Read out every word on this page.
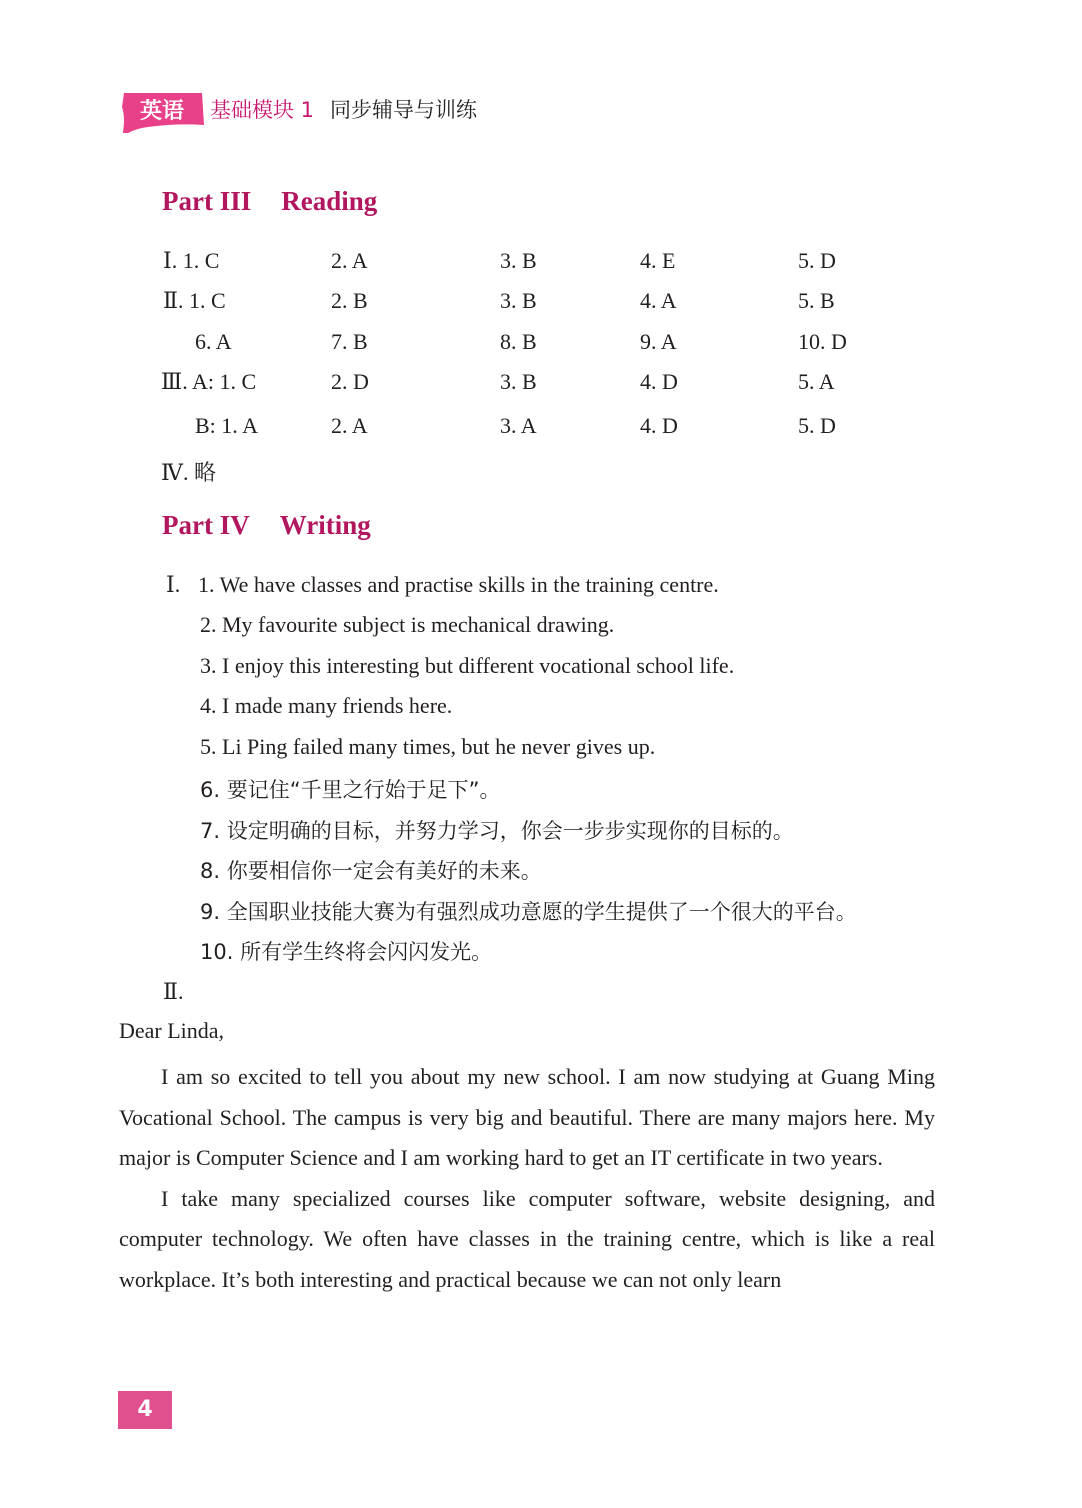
英语 基础模块 1 同步辅导与训练
Part III Reading
Ⅰ. 1. C	2. A	3. B	4. E	5. D
Ⅱ. 1. C	2. B	3. B	4. A	5. B
6. A	7. B	8. B	9. A	10. D
Ⅲ. A: 1. C	2. D	3. B	4. D	5. A
B: 1. A	2. A	3. A	4. D	5. D
Ⅳ. 略
Part IV Writing
Ⅰ. 1. We have classes and practise skills in the training centre.
2. My favourite subject is mechanical drawing.
3. I enjoy this interesting but different vocational school life.
4. I made many friends here.
5. Li Ping failed many times, but he never gives up.
6. 要记住“千里之行始于足下”。
7. 设定明确的目标，并努力学习，你会一步步实现你的目标的。
8. 你要相信你一定会有美好的未来。
9. 全国职业技能大赛为有强烈成功意愿的学生提供了一个很大的平台。
10. 所有学生终将会闪闪发光。
Ⅱ.
Dear Linda,

I am so excited to tell you about my new school. I am now studying at Guang Ming Vocational School. The campus is very big and beautiful. There are many majors here. My major is Computer Science and I am working hard to get an IT certificate in two years.

I take many specialized courses like computer software, website designing, and computer technology. We often have classes in the training centre, which is like a real workplace. It’s both interesting and practical because we can not only learn

4
